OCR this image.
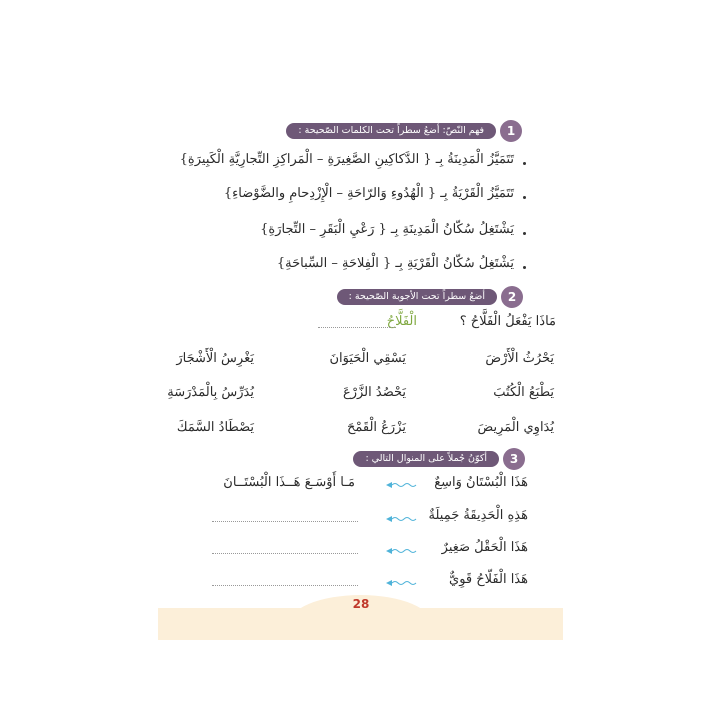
1
فهم النّصّ: أضعُ سطراً تحت الكلمات الصّحيحة :
تَتَمَيَّزُ الْمَدِينَةُ بِـ { الدَّكاكِينِ الصَّغِيرَةِ – الْمَراكِزِ التِّجارِيَّةِ الْكَبِيرَةِ}
تَتَمَيَّزُ الْقَرْيَةُ بِـ { الْهُدُوءِ وَالرّاحَةِ – الْإِزْدِحامِ والضَّوْضاءِ}
يَشْتَغِلُ سُكّانُ الْمَدِينَةِ بِـ { رَعْيِ الْبَقَرِ – التِّجارَةِ}
يَشْتَغِلُ سُكّانُ الْقَرْيَةِ بِـ { الْفِلاحَةِ – السِّباحَةِ}
2
أضعُ سطراً تحت الأجوبة الصّحيحة :
مَاذَا يَفْعَلُ الْفَلَّاحُ ؟
الْفَلَّاحُ
يَحْرُثُ الْأَرْضَ
يَسْقِي الْحَيَوَانَ
يَغْرِسُ الْأَشْجَارَ
يَطْبَعُ الْكُتُبَ
يَحْصُدُ الزَّرْعَ
يُدَرِّسُ بِالْمَدْرَسَةِ
يُدَاوِي الْمَرِيضَ
يَزْرَعُ الْقَمْحَ
يَصْطَادُ السَّمَكَ
3
أكوّنُ جُملاً على المنوال التالي :
هَذَا الْبُسْتَانُ وَاسِعٌ
مَـا أَوْسَـعَ هَــذَا الْبُسْتَــانَ
هَذِهِ الْحَدِيقَةُ جَمِيلَةٌ
هَذَا الْحَقْلُ صَغِيرٌ
هَذَا الْفَلّاحُ قَوِيٌّ
28
